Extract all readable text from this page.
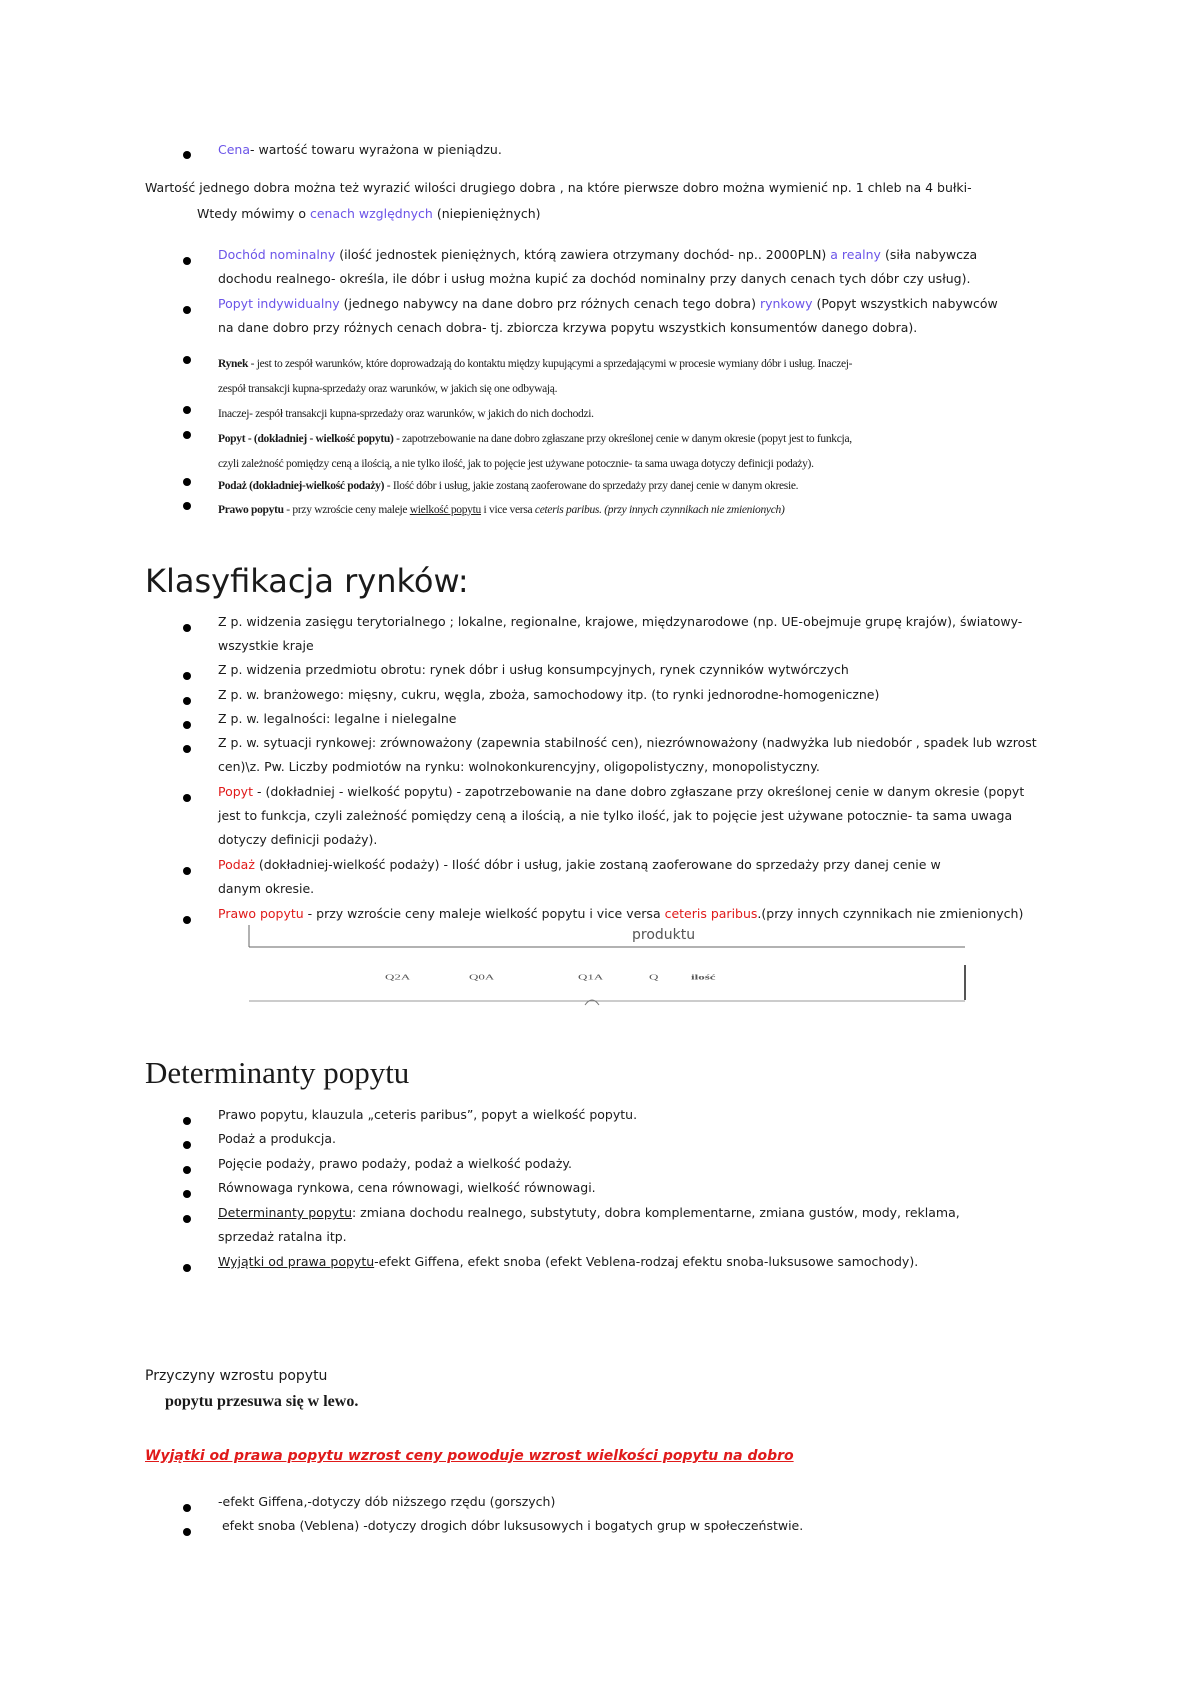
Cena- wartość towaru wyrażona w pieniądzu.
Wartość jednego dobra można też wyrazić wilości drugiego dobra , na które pierwsze dobro można wymienić np. 1 chleb na 4 bułki-
Wtedy mówimy o cenach względnych (niepieniężnych)
Dochód nominalny (ilość jednostek pieniężnych, którą zawiera otrzymany dochód- np.. 2000PLN) a realny (siła nabywcza
dochodu realnego- określa, ile dóbr i usług można kupić za dochód nominalny przy danych cenach tych dóbr czy usług).
Popyt indywidualny (jednego nabywcy na dane dobro prz różnych cenach tego dobra) rynkowy (Popyt wszystkich nabywców
na dane dobro przy różnych cenach dobra- tj. zbiorcza krzywa popytu wszystkich konsumentów danego dobra).
Rynek - jest to zespół warunków, które doprowadzają do kontaktu między kupującymi a sprzedającymi w procesie wymiany dóbr i usług. Inaczej-
zespół transakcji kupna-sprzedaży oraz warunków, w jakich się one odbywają.
Inaczej- zespół transakcji kupna-sprzedaży oraz warunków, w jakich do nich dochodzi.
Popyt - (dokładniej - wielkość popytu) - zapotrzebowanie na dane dobro zgłaszane przy określonej cenie w danym okresie (popyt jest to funkcja,
czyli zależność pomiędzy ceną a ilością, a nie tylko ilość, jak to pojęcie jest używane potocznie- ta sama uwaga dotyczy definicji podaży).
Podaż (dokładniej-wielkość podaży) - Ilość dóbr i usług, jakie zostaną zaoferowane do sprzedaży przy danej cenie w danym okresie.
Prawo popytu - przy wzroście ceny maleje wielkość popytu i vice versa ceteris paribus. (przy innych czynnikach nie zmienionych)
Klasyfikacja rynków:
Z p. widzenia zasięgu terytorialnego ; lokalne, regionalne, krajowe, międzynarodowe (np. UE-obejmuje grupę krajów), światowy-
wszystkie kraje
Z p. widzenia przedmiotu obrotu: rynek dóbr i usług konsumpcyjnych, rynek czynników wytwórczych
Z p. w. branżowego: mięsny, cukru, węgla, zboża, samochodowy itp. (to rynki jednorodne-homogeniczne)
Z p. w. legalności: legalne i nielegalne
Z p. w. sytuacji rynkowej: zrównoważony (zapewnia stabilność cen), niezrównoważony (nadwyżka lub niedobór , spadek lub wzrost
cen)\z. Pw. Liczby podmiotów na rynku: wolnokonkurencyjny, oligopolistyczny, monopolistyczny.
Popyt - (dokładniej - wielkość popytu) - zapotrzebowanie na dane dobro zgłaszane przy określonej cenie w danym okresie (popyt
jest to funkcja, czyli zależność pomiędzy ceną a ilością, a nie tylko ilość, jak to pojęcie jest używane potocznie- ta sama uwaga
dotyczy definicji podaży).
Podaż (dokładniej-wielkość podaży) - Ilość dóbr i usług, jakie zostaną zaoferowane do sprzedaży przy danej cenie w
danym okresie.
Prawo popytu - przy wzroście ceny maleje wielkość popytu i vice versa ceteris paribus.(przy innych czynnikach nie zmienionych)
produktu
Q2A	Q0A	Q1A	Q	ilość
Determinanty popytu
Prawo popytu, klauzula „ceteris paribus”, popyt a wielkość popytu.
Podaż a produkcja.
Pojęcie podaży, prawo podaży, podaż a wielkość podaży.
Równowaga rynkowa, cena równowagi, wielkość równowagi.
Determinanty popytu: zmiana dochodu realnego, substytuty, dobra komplementarne, zmiana gustów, mody, reklama,
sprzedaż ratalna itp.
Wyjątki od prawa popytu-efekt Giffena, efekt snoba (efekt Veblena-rodzaj efektu snoba-luksusowe samochody).
Przyczyny wzrostu popytu
popytu przesuwa się w lewo.
Wyjątki od prawa popytu wzrost ceny powoduje wzrost wielkości popytu na dobro
-efekt Giffena,-dotyczy dób niższego rzędu (gorszych)
efekt snoba (Veblena) -dotyczy drogich dóbr luksusowych i bogatych grup w społeczeństwie.
